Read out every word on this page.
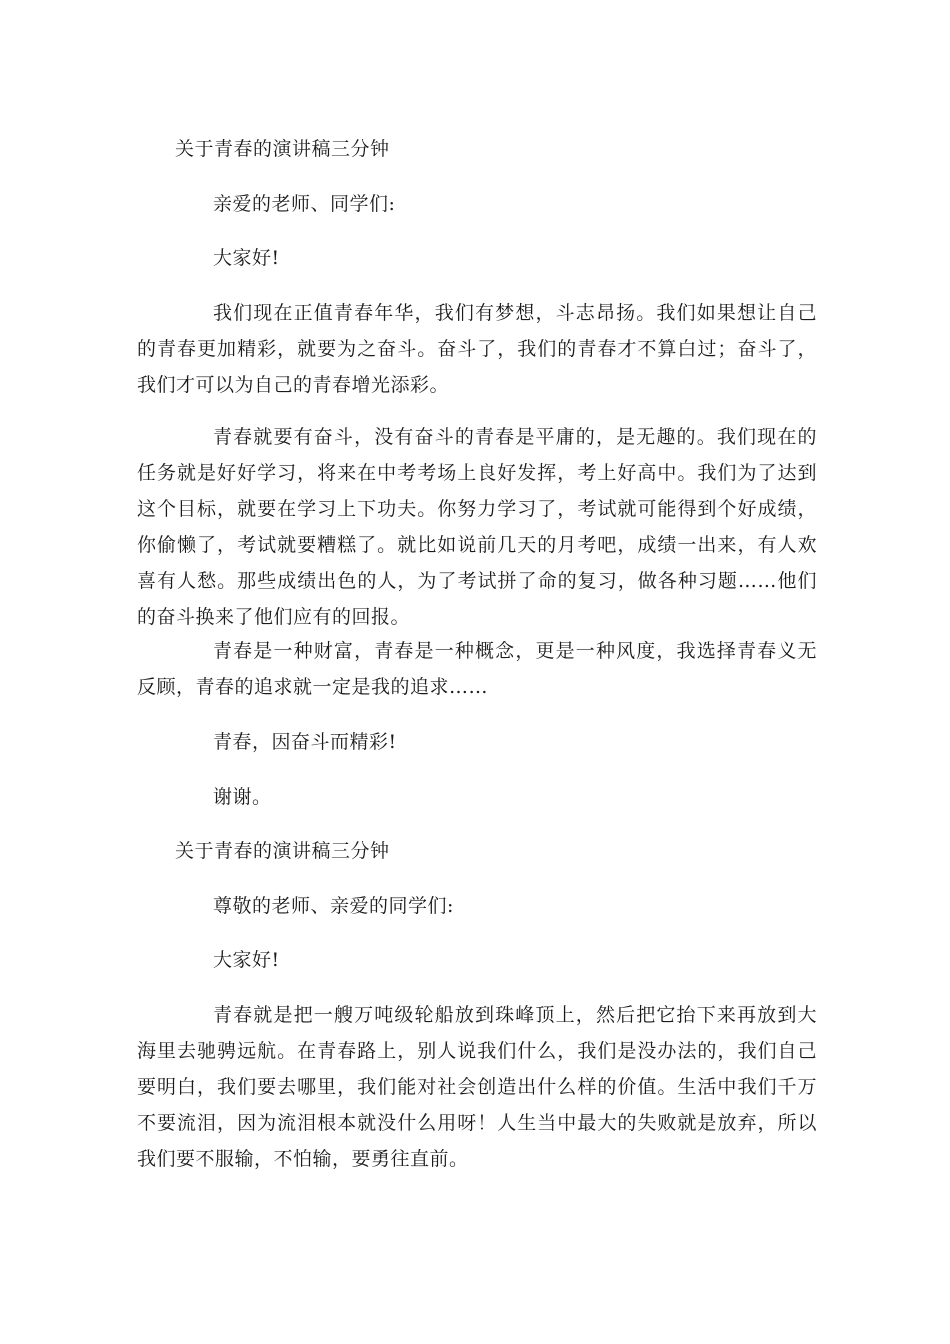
关于青春的演讲稿三分钟
亲爱的老师、同学们:
大家好!
我们现在正值青春年华，我们有梦想，斗志昂扬。我们如果想让自己的青春更加精彩，就要为之奋斗。奋斗了，我们的青春才不算白过；奋斗了，我们才可以为自己的青春增光添彩。
青春就要有奋斗，没有奋斗的青春是平庸的，是无趣的。我们现在的任务就是好好学习，将来在中考考场上良好发挥，考上好高中。我们为了达到这个目标，就要在学习上下功夫。你努力学习了，考试就可能得到个好成绩，你偷懒了，考试就要糟糕了。就比如说前几天的月考吧，成绩一出来，有人欢喜有人愁。那些成绩出色的人，为了考试拼了命的复习，做各种习题……他们的奋斗换来了他们应有的回报。
青春是一种财富，青春是一种概念，更是一种风度，我选择青春义无反顾，青春的追求就一定是我的追求……
青春，因奋斗而精彩!
谢谢。
关于青春的演讲稿三分钟
尊敬的老师、亲爱的同学们:
大家好!
青春就是把一艘万吨级轮船放到珠峰顶上，然后把它抬下来再放到大海里去驰骋远航。在青春路上，别人说我们什么，我们是没办法的，我们自己要明白，我们要去哪里，我们能对社会创造出什么样的价值。生活中我们千万不要流泪，因为流泪根本就没什么用呀！人生当中最大的失败就是放弃，所以我们要不服输，不怕输，要勇往直前。
